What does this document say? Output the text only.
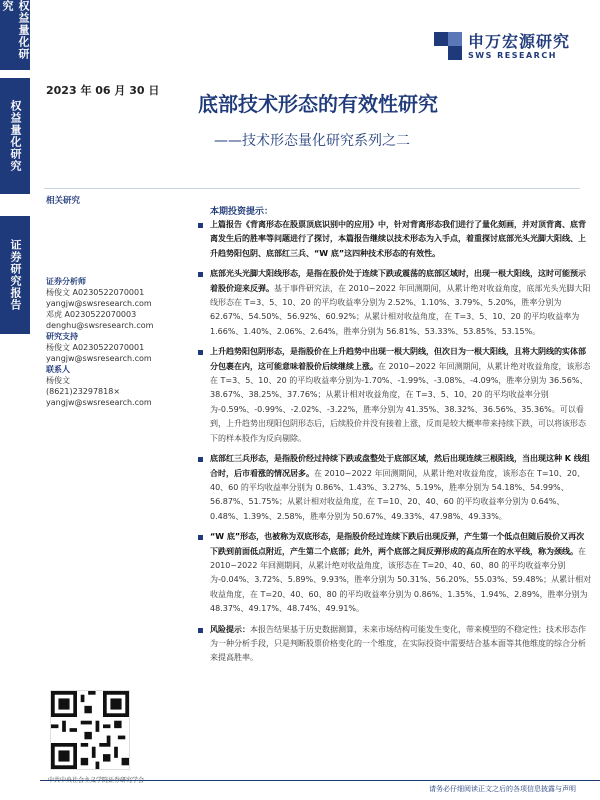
权益量化研究
权益量化研究
证券研究报告
申万宏源研究
SWS RESEARCH
2023 年 06 月 30 日
底部技术形态的有效性研究
——技术形态量化研究系列之二
相关研究
证券分析师
杨俊文 A0230522070001
yangjw@swsresearch.com
邓虎 A0230522070003
denghu@swsresearch.com
研究支持
杨俊文 A0230522070001
yangjw@swsresearch.com
联系人
杨俊文
(8621)23297818×
yangjw@swsresearch.com
本期投资提示：
上篇报告《背离形态在股票顶底识别中的应用》中，针对背离形态我们进行了量化刻画，并对顶背离、底背离发生后的胜率等问题进行了探讨，本篇报告继续以技术形态为入手点，着重探讨底部光头光脚大阳线、上升趋势阳包阴、底部红三兵、“W 底”这四种技术形态的有效性。
底部光头光脚大阳线形态，是指在股价处于连续下跌或震荡的底部区域时，出现一根大阳线，这时可能预示着股价迎来反弹。基于事件研究法，在 2010~2022 年回测期间，从累计绝对收益角度，底部光头光脚大阳线形态在 T=3、5、10、20 的平均收益率分别为 2.52%、1.10%、3.79%、5.20%，胜率分别为 62.67%、54.50%、56.92%、60.92%；从累计相对收益角度，在 T=3、5、10、20 的平均收益率为 1.66%、1.40%、2.06%、2.64%，胜率分别为 56.81%、53.33%、53.85%、53.15%。
上升趋势阳包阴形态，是指股价在上升趋势中出现一根大阴线，但次日为一根大阳线，且将大阴线的实体部分包裹在内，这可能意味着股价后续继续上涨。在 2010~2022 年回测期间，从累计绝对收益角度，该形态在 T=3、5、10、20 的平均收益率分别为-1.70%、-1.99%、-3.08%、-4.09%，胜率分别为 36.56%、38.67%、38.25%、37.76%；从累计相对收益角度，在 T=3、5、10、20 的平均收益率分别为-0.59%、-0.99%、-2.02%、-3.22%，胜率分别为 41.35%、38.32%、36.56%、35.36%。可以看到，上升趋势出现阳包阴形态后，后续股价并没有接着上涨，反而是较大概率带来持续下跌，可以将该形态下的样本股作为反向剔除。
底部红三兵形态，是指股价经过持续下跌或盘整处于底部区域，然后出现连续三根阳线，当出现这种 K 线组合时，后市看涨的情况居多。在 2010~2022 年回测期间，从累计绝对收益角度，该形态在 T=10、20、40、60 的平均收益率分别为 0.86%、1.43%、3.27%、5.19%，胜率分别为 54.18%、54.99%、56.87%、51.75%；从累计相对收益角度，在 T=10、20、40、60 的平均收益率分别为 0.64%、0.48%、1.39%、2.58%，胜率分别为 50.67%、49.33%、47.98%、49.33%。
“W 底”形态，也被称为双底形态，是指股价经过连续下跌后出现反弹，产生第一个低点但随后股价又再次下跌到前面低点附近，产生第二个底部；此外，两个底部之间反弹形成的高点所在的水平线，称为颈线。在 2010~2022 年回测期间，从累计绝对收益角度，该形态在 T=20、40、60、80 的平均收益率分别为-0.04%、3.72%、5.89%、9.93%，胜率分别为 50.31%、56.20%、55.03%、59.48%；从累计相对收益角度，在 T=20、40、60、80 的平均收益率分别为 0.86%、1.35%、1.94%、2.89%，胜率分别为 48.37%、49.17%、48.74%、49.91%。
风险提示：本报告结果基于历史数据测算，未来市场结构可能发生变化，带来模型的不稳定性；技术形态作为一种分析手段，只是判断股票价格变化的一个维度，在实际投资中需要结合基本面等其他维度的综合分析来提高胜率。
请务必仔细阅读正文之后的各项信息披露与声明
